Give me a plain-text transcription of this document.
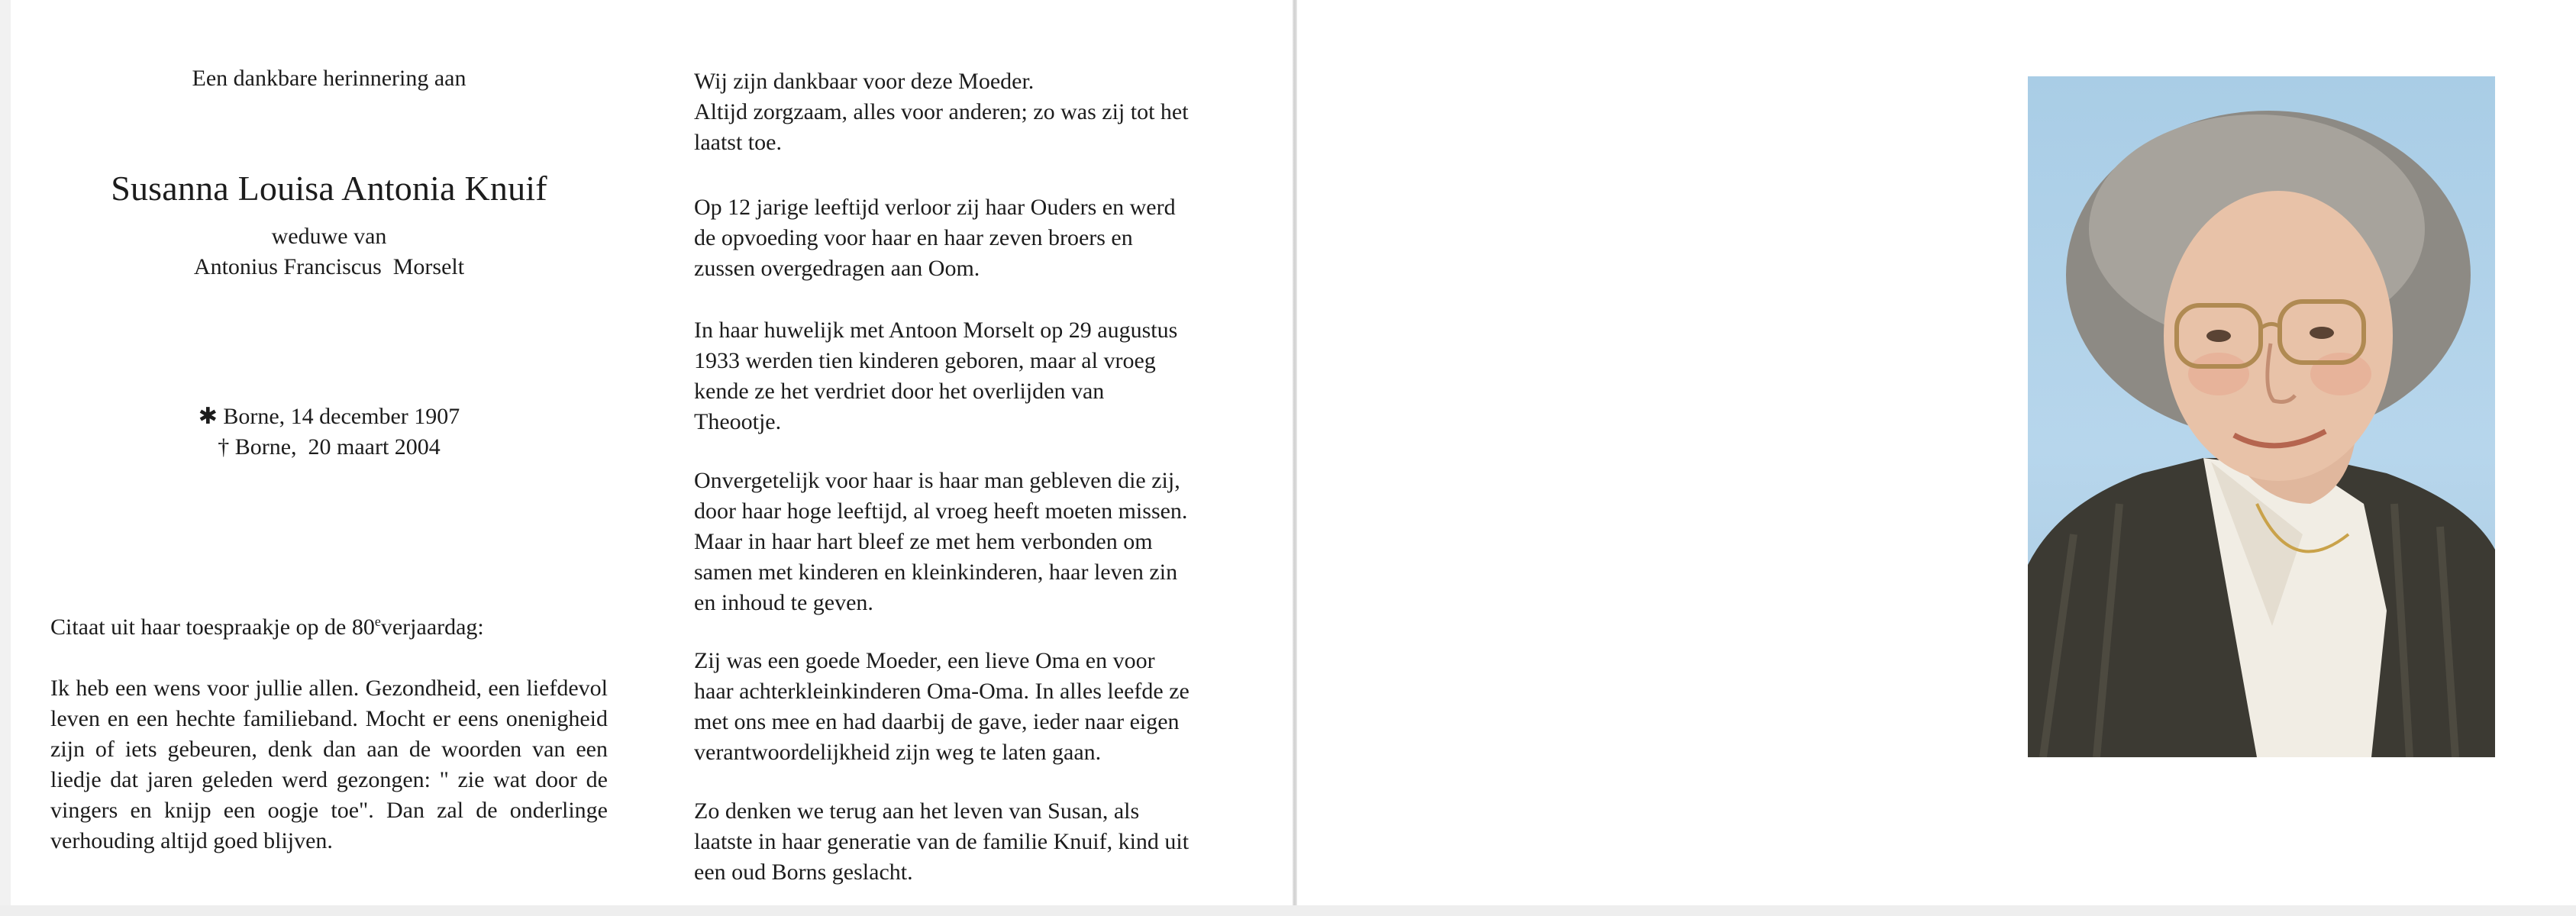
Een dankbare herinnering aan
Susanna Louisa Antonia Knuif
weduwe van
Antonius Franciscus  Morselt
✱ Borne, 14 december 1907
† Borne,  20 maart 2004
Citaat uit haar toespraakje op de 80everjaardag:
Ik heb een wens voor jullie allen. Gezondheid, een liefdevol leven en een hechte familieband. Mocht er eens onenigheid zijn of iets gebeuren, denk dan aan de woorden van een liedje dat jaren geleden werd gezongen: " zie wat door de vingers en knijp een oogje toe". Dan zal de onderlinge verhouding altijd goed blijven.
Wij zijn dankbaar voor deze Moeder.
Altijd zorgzaam, alles voor anderen; zo was zij tot het
laatst toe.
Op 12 jarige leeftijd verloor zij haar Ouders en werd
de opvoeding voor haar en haar zeven broers en
zussen overgedragen aan Oom.
In haar huwelijk met Antoon Morselt op 29 augustus
1933 werden tien kinderen geboren, maar al vroeg
kende ze het verdriet door het overlijden van
Theootje.
Onvergetelijk voor haar is haar man gebleven die zij,
door haar hoge leeftijd, al vroeg heeft moeten missen.
Maar in haar hart bleef ze met hem verbonden om
samen met kinderen en kleinkinderen, haar leven zin
en inhoud te geven.
Zij was een goede Moeder, een lieve Oma en voor
haar achterkleinkinderen Oma-Oma. In alles leefde ze
met ons mee en had daarbij de gave, ieder naar eigen
verantwoordelijkheid zijn weg te laten gaan.
Zo denken we terug aan het leven van Susan, als
laatste in haar generatie van de familie Knuif, kind uit
een oud Borns geslacht.
